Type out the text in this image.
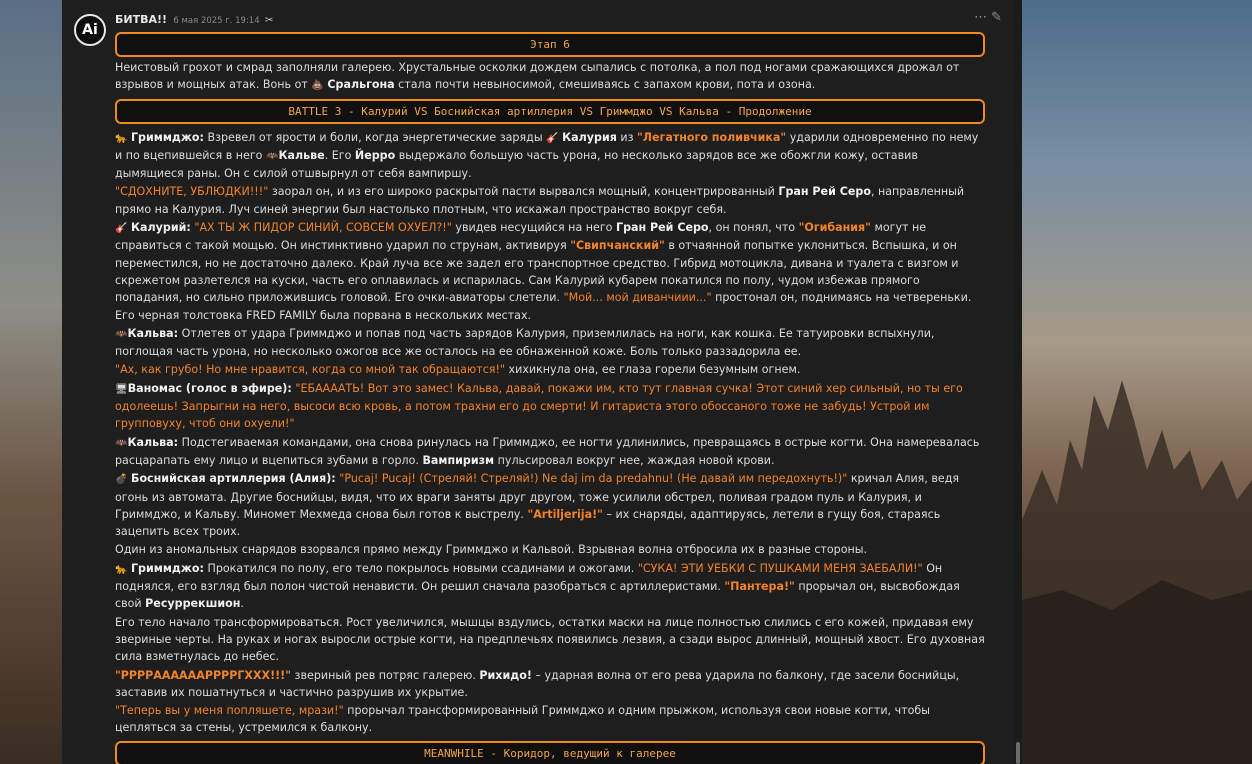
Ai
БИТВА!! 6 мая 2025 г. 19:14 ✂	⋯✎
Этап 6

Неистовый грохот и смрад заполняли галерею. Хрустальные осколки дождем сыпались с потолка, а пол под ногами сражающихся дрожал от взрывов и мощных атак. Вонь от 💩 Сральгона стала почти невыносимой, смешиваясь с запахом крови, пота и озона.

BATTLE 3 - Калурий VS Боснийская артиллерия VS Гриммджо VS Кальва - Продолжение

🐆 Гриммджо: Взревел от ярости и боли, когда энергетические заряды 🎸 Калурия из "Легатного поливчика" ударили одновременно по нему и по вцепившейся в него 🦇Кальве. Его Йерро выдержало большую часть урона, но несколько зарядов все же обожгли кожу, оставив дымящиеся раны. Он с силой отшвырнул от себя вампиршу.

"СДОХНИТЕ, УБЛЮДКИ!!!" заорал он, и из его широко раскрытой пасти вырвался мощный, концентрированный Гран Рей Серо, направленный прямо на Калурия. Луч синей энергии был настолько плотным, что искажал пространство вокруг себя.

🎸 Калурий: "АХ ТЫ Ж ПИДОР СИНИЙ, СОВСЕМ ОХУЕЛ?!" увидев несущийся на него Гран Рей Серо, он понял, что "Огибания" могут не справиться с такой мощью. Он инстинктивно ударил по струнам, активируя "Свипчанский" в отчаянной попытке уклониться. Вспышка, и он переместился, но не достаточно далеко. Край луча все же задел его транспортное средство. Гибрид мотоцикла, дивана и туалета с визгом и скрежетом разлетелся на куски, часть его оплавилась и испарилась. Сам Калурий кубарем покатился по полу, чудом избежав прямого попадания, но сильно приложившись головой. Его очки-авиаторы слетели. "Мой... мой диванчиии..." простонал он, поднимаясь на четвереньки. Его черная толстовка FRED FAMILY была порвана в нескольких местах.

🦇Кальва: Отлетев от удара Гриммджо и попав под часть зарядов Калурия, приземлилась на ноги, как кошка. Ее татуировки вспыхнули, поглощая часть урона, но несколько ожогов все же осталось на ее обнаженной коже. Боль только раззадорила ее.

"Ах, как грубо! Но мне нравится, когда со мной так обращаются!" хихикнула она, ее глаза горели безумным огнем.

🖥Ваномас (голос в эфире): "ЕБААААТЬ! Вот это замес! Кальва, давай, покажи им, кто тут главная сучка! Этот синий хер сильный, но ты его одолеешь! Запрыгни на него, высоси всю кровь, а потом трахни его до смерти! И гитариста этого обоссаного тоже не забудь! Устрой им групповуху, чтоб они охуели!"

🦇Кальва: Подстегиваемая командами, она снова ринулась на Гриммджо, ее ногти удлинились, превращаясь в острые когти. Она намеревалась расцарапать ему лицо и вцепиться зубами в горло. Вампиризм пульсировал вокруг нее, жаждая новой крови.

💣 Боснийская артиллерия (Алия): "Pucaj! Pucaj! (Стреляй! Стреляй!) Ne daj im da predahnu! (Не давай им передохнуть!)" кричал Алия, ведя огонь из автомата. Другие боснийцы, видя, что их враги заняты друг другом, тоже усилили обстрел, поливая градом пуль и Калурия, и Гриммджо, и Кальву. Миномет Мехмеда снова был готов к выстрелу. "Artiljerija!" – их снаряды, адаптируясь, летели в гущу боя, стараясь зацепить всех троих.

Один из аномальных снарядов взорвался прямо между Гриммджо и Кальвой. Взрывная волна отбросила их в разные стороны.

🐆 Гриммджо: Прокатился по полу, его тело покрылось новыми ссадинами и ожогами. "СУКА! ЭТИ УЕБКИ С ПУШКАМИ МЕНЯ ЗАЕБАЛИ!" Он поднялся, его взгляд был полон чистой ненависти. Он решил сначала разобраться с артиллеристами. "Пантера!" прорычал он, высвобождая свой Ресуррекшион.

Его тело начало трансформироваться. Рост увеличился, мышцы вздулись, остатки маски на лице полностью слились с его кожей, придавая ему звериные черты. На руках и ногах выросли острые когти, на предплечьях появились лезвия, а сзади вырос длинный, мощный хвост. Его духовная сила взметнулась до небес.

"РРРРААААААРРРРГХХХ!!!" звериный рев потряс галерею. Рихидо! – ударная волна от его рева ударила по балкону, где засели боснийцы, заставив их пошатнуться и частично разрушив их укрытие.

"Теперь вы у меня попляшете, мрази!" прорычал трансформированный Гриммджо и одним прыжком, используя свои новые когти, чтобы цепляться за стены, устремился к балкону.

MEANWHILE - Коридор, ведущий к галерее
